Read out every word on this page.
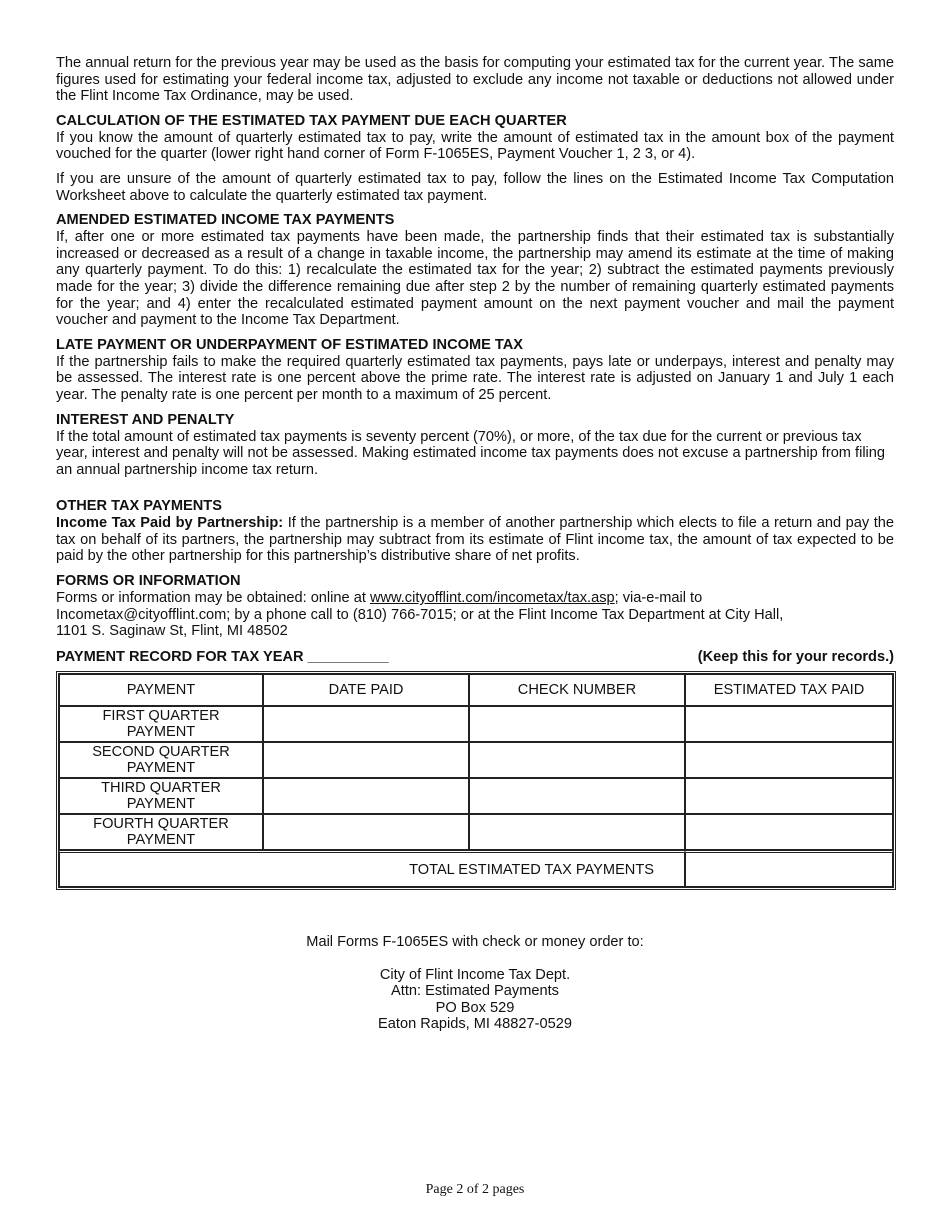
The annual return for the previous year may be used as the basis for computing your estimated tax for the current year. The same figures used for estimating your federal income tax, adjusted to exclude any income not taxable or deductions not allowed under the Flint Income Tax Ordinance, may be used.

CALCULATION OF THE ESTIMATED TAX PAYMENT DUE EACH QUARTER

If you know the amount of quarterly estimated tax to pay, write the amount of estimated tax in the amount box of the payment vouched for the quarter (lower right hand corner of Form F-1065ES, Payment Voucher 1, 2 3, or 4).

If you are unsure of the amount of quarterly estimated tax to pay, follow the lines on the Estimated Income Tax Computation Worksheet above to calculate the quarterly estimated tax payment.

AMENDED ESTIMATED INCOME TAX PAYMENTS

If, after one or more estimated tax payments have been made, the partnership finds that their estimated tax is substantially increased or decreased as a result of a change in taxable income, the partnership may amend its estimate at the time of making any quarterly payment. To do this: 1) recalculate the estimated tax for the year; 2) subtract the estimated payments previously made for the year; 3) divide the difference remaining due after step 2 by the number of remaining quarterly estimated payments for the year; and 4) enter the recalculated estimated payment amount on the next payment voucher and mail the payment voucher and payment to the Income Tax Department.

LATE PAYMENT OR UNDERPAYMENT OF ESTIMATED INCOME TAX

If the partnership fails to make the required quarterly estimated tax payments, pays late or underpays, interest and penalty may be assessed. The interest rate is one percent above the prime rate. The interest rate is adjusted on January 1 and July 1 each year. The penalty rate is one percent per month to a maximum of 25 percent.

INTEREST AND PENALTY

If the total amount of estimated tax payments is seventy percent (70%), or more, of the tax due for the current or previous tax year, interest and penalty will not be assessed. Making estimated income tax payments does not excuse a partnership from filing an annual partnership income tax return.

OTHER TAX PAYMENTS

Income Tax Paid by Partnership: If the partnership is a member of another partnership which elects to file a return and pay the tax on behalf of its partners, the partnership may subtract from its estimate of Flint income tax, the amount of tax expected to be paid by the other partnership for this partnership’s distributive share of net profits.

FORMS OR INFORMATION
Forms or information may be obtained: online at www.cityofflint.com/incometax/tax.asp; via-e-mail to
Incometax@cityofflint.com; by a phone call to (810) 766-7015; or at the Flint Income Tax Department at City Hall,
1101 S. Saginaw St, Flint, MI 48502
PAYMENT RECORD FOR TAX YEAR __________	(Keep this for your records.)
PAYMENT	DATE PAID	CHECK NUMBER	ESTIMATED TAX PAID
FIRST QUARTER
PAYMENT			
SECOND QUARTER
PAYMENT			
THIRD QUARTER
PAYMENT			
FOURTH QUARTER
PAYMENT			
TOTAL ESTIMATED TAX PAYMENTS			
Mail Forms F-1065ES with check or money order to:
City of Flint Income Tax Dept.
Attn: Estimated Payments
PO Box 529
Eaton Rapids, MI 48827-0529
Page 2 of 2 pages
